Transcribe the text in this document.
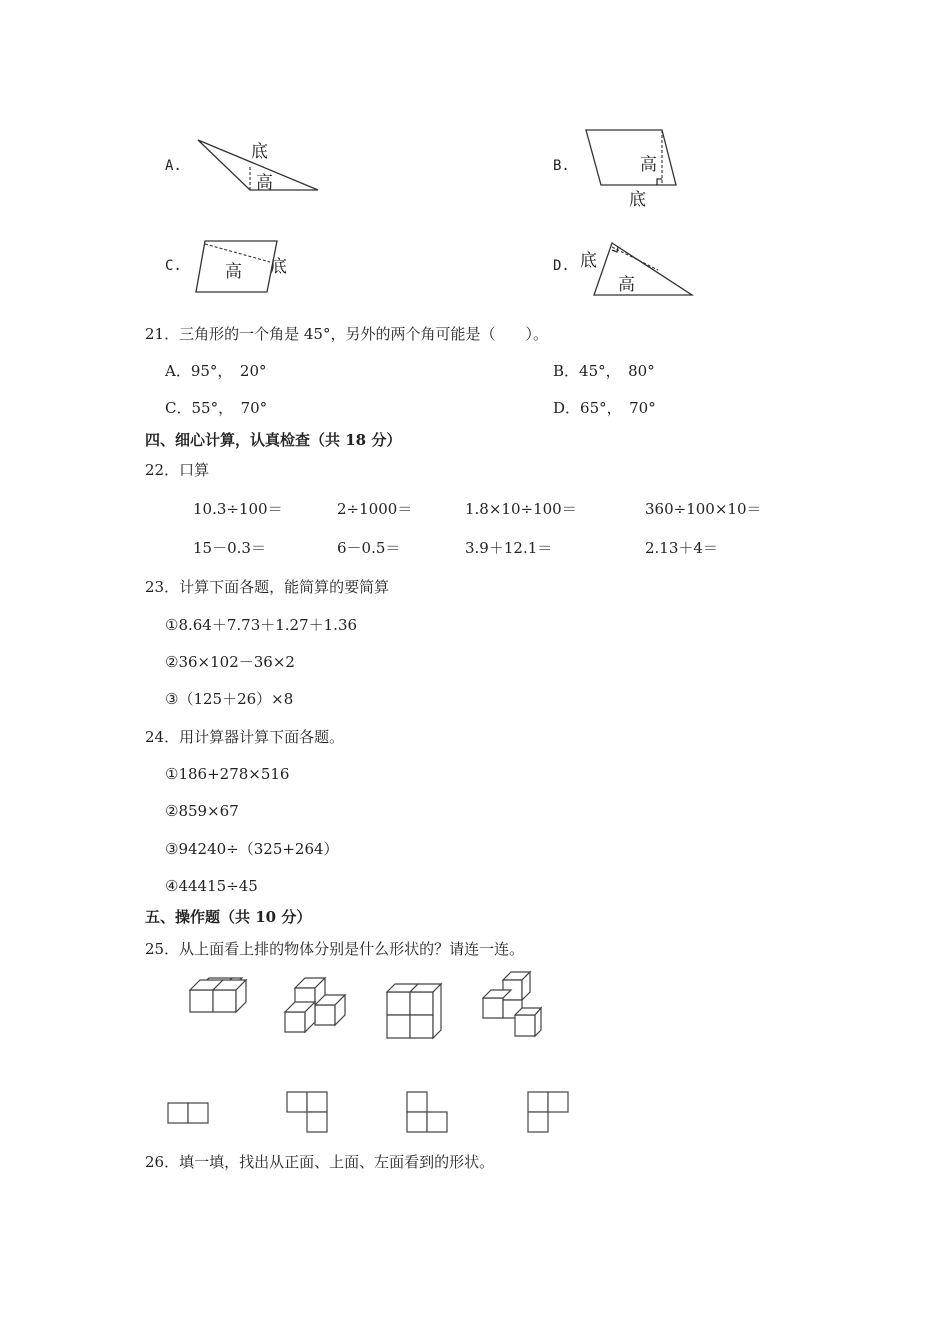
A.
底
高
高
底
高 底	底
高
B.
C.	D.
21．三角形的一个角是 45°，另外的两个角可能是（　　）。
A．95°，　20°	B．45°，　80°
C．55°，　70°	D．65°，　70°
四、细心计算，认真检查（共 18 分）
22．口算
10.3÷100＝	2÷1000＝	1.8×10÷100＝	360÷100×10＝
15－0.3＝	6－0.5＝	3.9＋12.1＝	2.13＋4＝
23．计算下面各题，能简算的要简算
①8.64＋7.73＋1.27＋1.36
②36×102－36×2
③（125＋26）×8
24．用计算器计算下面各题。
①186+278×516
②859×67
③94240÷（325+264）
④44415÷45
五、操作题（共 10 分）
25．从上面看上排的物体分别是什么形状的？请连一连。
26．填一填，找出从正面、上面、左面看到的形状。
